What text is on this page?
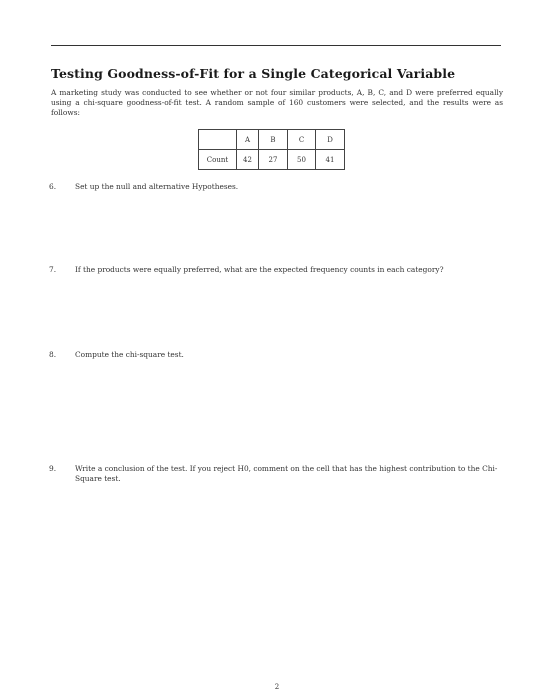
Testing Goodness-of-Fit for a Single Categorical Variable
A marketing study was conducted to see whether or not four similar products, A, B, C, and D were preferred equally using a chi-square goodness-of-fit test. A random sample of 160 customers were selected, and the results were as follows:
	A	B	C	D
Count	42	27	50	41
6.	Set up the null and alternative Hypotheses.
7.	If the products were equally preferred, what are the expected frequency counts in each category?
8.	Compute the chi-square test.
9.	Write a conclusion of the test. If you reject H0, comment on the cell that has the highest contribution to the Chi-Square test.
2
